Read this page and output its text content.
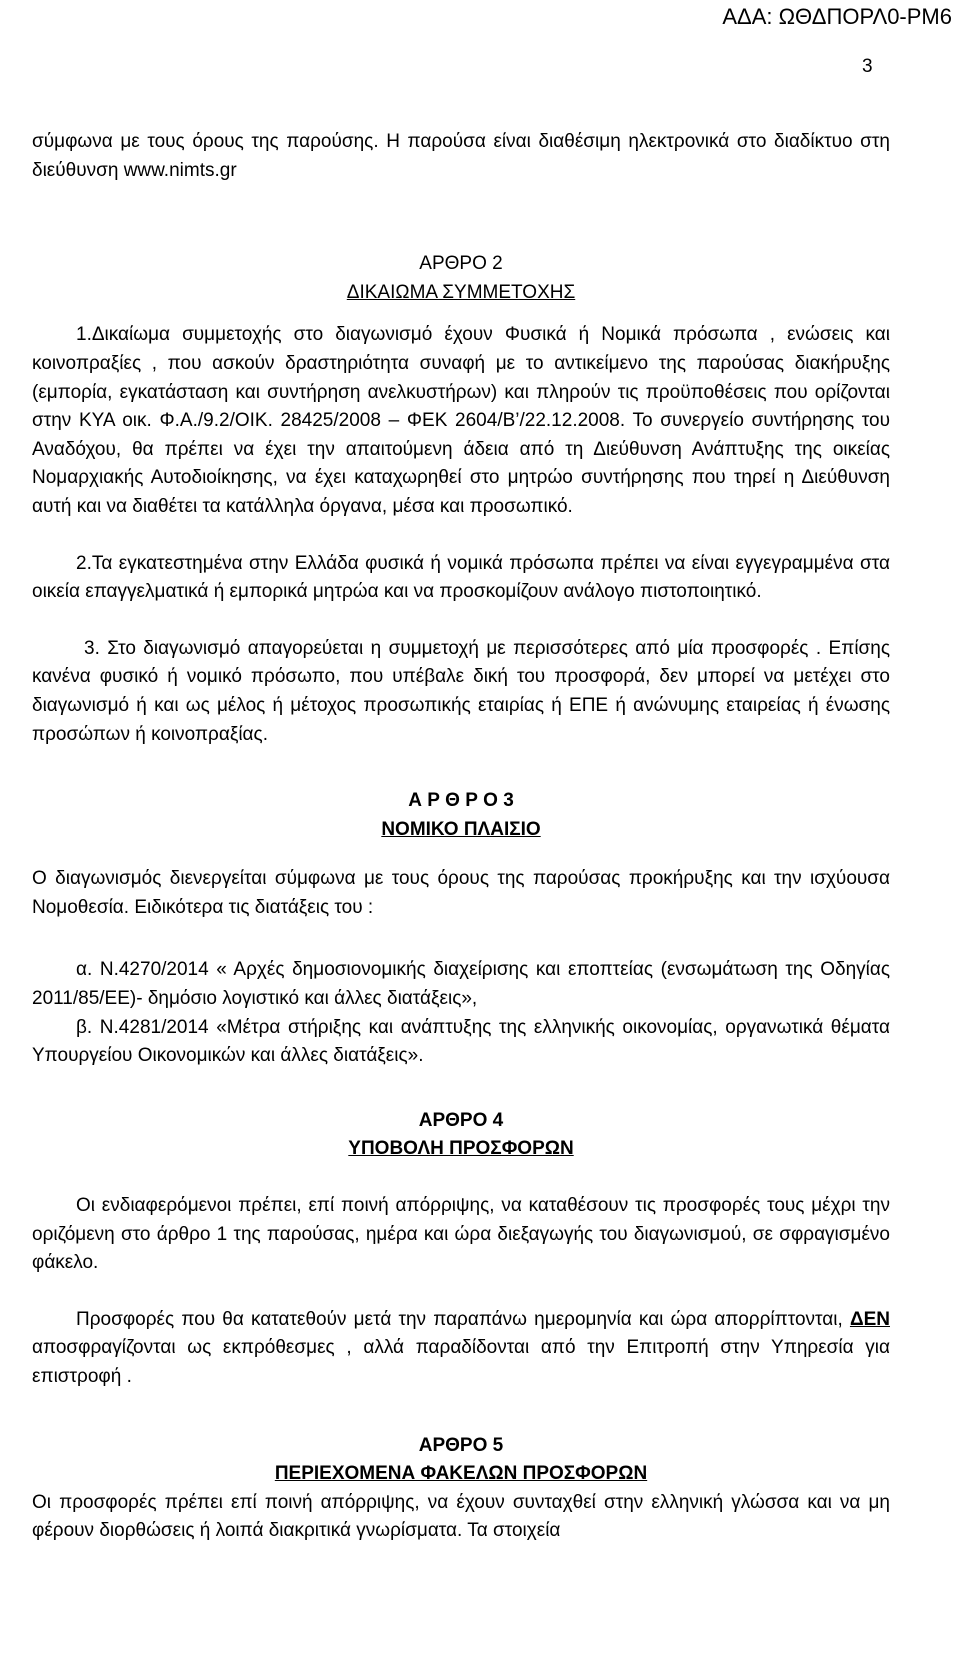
ΑΔΑ: ΩΘΔΠΟΡΛ0-ΡΜ6
3

σύμφωνα με τους όρους της παρούσης. Η παρούσα είναι διαθέσιμη ηλεκτρονικά στο διαδίκτυο στη διεύθυνση www.nimts.gr

ΑΡΘΡΟ 2

ΔΙΚΑΙΩΜΑ ΣΥΜΜΕΤΟΧΗΣ

1.Δικαίωμα συμμετοχής στο διαγωνισμό έχουν Φυσικά ή Νομικά πρόσωπα , ενώσεις και κοινοπραξίες , που ασκούν δραστηριότητα συναφή με το αντικείμενο της παρούσας διακήρυξης (εμπορία, εγκατάσταση και συντήρηση ανελκυστήρων) και πληρούν τις προϋποθέσεις που ορίζονται στην ΚΥΑ οικ. Φ.Α./9.2/ΟΙΚ. 28425/2008 – ΦΕΚ 2604/Β’/22.12.2008. Το συνεργείο συντήρησης του Αναδόχου, θα πρέπει να έχει την απαιτούμενη άδεια από τη Διεύθυνση Ανάπτυξης της οικείας Νομαρχιακής Αυτοδιοίκησης, να έχει καταχωρηθεί στο μητρώο συντήρησης που τηρεί η Διεύθυνση αυτή και να διαθέτει τα κατάλληλα όργανα, μέσα και προσωπικό.

2.Τα εγκατεστημένα στην Ελλάδα φυσικά ή νομικά πρόσωπα πρέπει να είναι εγγεγραμμένα στα οικεία επαγγελματικά ή εμπορικά μητρώα και να προσκομίζουν ανάλογο πιστοποιητικό.

3. Στο διαγωνισμό απαγορεύεται η συμμετοχή με περισσότερες από μία προσφορές . Επίσης κανένα φυσικό ή νομικό πρόσωπο, που υπέβαλε δική του προσφορά, δεν μπορεί να μετέχει στο διαγωνισμό ή και ως μέλος ή μέτοχος προσωπικής εταιρίας ή ΕΠΕ ή ανώνυμης εταιρείας ή ένωσης προσώπων ή κοινοπραξίας.

Α Ρ Θ Ρ Ο 3

ΝΟΜΙΚΟ ΠΛΑΙΣΙΟ

Ο διαγωνισμός διενεργείται σύμφωνα με τους όρους της παρούσας προκήρυξης και την ισχύουσα Νομοθεσία. Ειδικότερα τις διατάξεις του :

α. Ν.4270/2014 « Αρχές δημοσιονομικής διαχείρισης και εποπτείας (ενσωμάτωση της Οδηγίας 2011/85/ΕΕ)- δημόσιο λογιστικό και άλλες διατάξεις»,

β. Ν.4281/2014 «Μέτρα στήριξης και ανάπτυξης της ελληνικής οικονομίας, οργανωτικά θέματα Υπουργείου Οικονομικών και άλλες διατάξεις».

ΑΡΘΡΟ 4

ΥΠΟΒΟΛΗ ΠΡΟΣΦΟΡΩΝ

Οι ενδιαφερόμενοι πρέπει, επί ποινή απόρριψης, να καταθέσουν τις προσφορές τους μέχρι την οριζόμενη στο άρθρο 1 της παρούσας, ημέρα και ώρα διεξαγωγής του διαγωνισμού, σε σφραγισμένο φάκελο.

Προσφορές που θα κατατεθούν μετά την παραπάνω ημερομηνία και ώρα απορρίπτονται, ΔΕΝ αποσφραγίζονται ως εκπρόθεσμες , αλλά παραδίδονται από την Επιτροπή στην Υπηρεσία για επιστροφή .

ΑΡΘΡΟ 5

ΠΕΡΙΕΧΟΜΕΝΑ ΦΑΚΕΛΩΝ ΠΡΟΣΦΟΡΩΝ

Οι προσφορές πρέπει επί ποινή απόρριψης, να έχουν συνταχθεί στην ελληνική γλώσσα και να μη φέρουν διορθώσεις ή λοιπά διακριτικά γνωρίσματα. Τα στοιχεία
